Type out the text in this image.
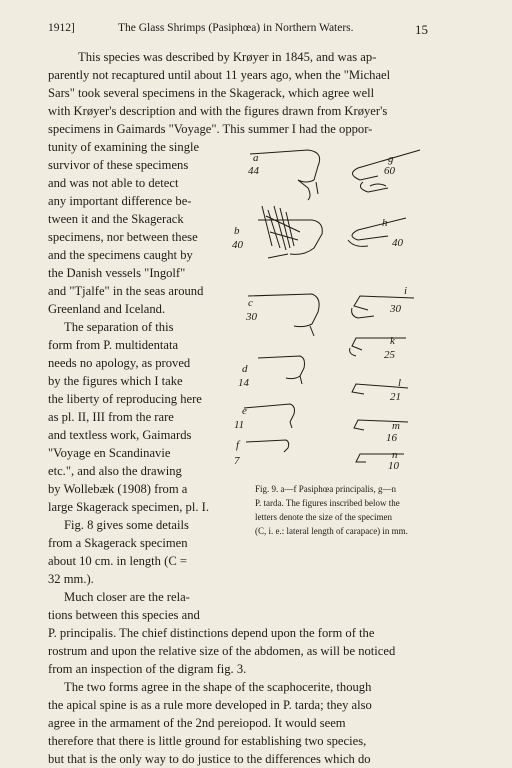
1912]	The Glass Shrimps (Pasiphœa) in Northern Waters.	15
This species was described by Krøyer in 1845, and was ap-
parently not recaptured until about 11 years ago, when the "Michael
Sars" took several specimens in the Skagerack, which agree well
with Krøyer's description and with the figures drawn from Krøyer's
specimens in Gaimards "Voyage". This summer I had the oppor-
tunity of examining the single
survivor of these specimens
and was not able to detect
any important difference be-
tween it and the Skagerack
specimens, nor between these
and the specimens caught by
the Danish vessels "Ingolf"
and "Tjalfe" in the seas around
Greenland and Iceland.
The separation of this
form from P. multidentata
needs no apology, as proved
by the figures which I take
the liberty of reproducing here
as pl. II, III from the rare
and textless work, Gaimards
"Voyage en Scandinavie
etc.", and also the drawing
by Wollebæk (1908) from a
large Skagerack specimen, pl. I.
Fig. 8 gives some details
from a Skagerack specimen
about 10 cm. in length (C =
32 mm.).
Much closer are the rela-
tions between this species and
P. principalis. The chief distinctions depend upon the form of the
rostrum and upon the relative size of the abdomen, as will be noticed
from an inspection of the digram fig. 3.
The two forms agree in the shape of the scaphocerite, though
the apical spine is as a rule more developed in P. tarda; they also
agree in the armament of the 2nd pereiopod. It would seem
therefore that there is little ground for establishing two species,
but that is the only way to do justice to the differences which do
a
44
g
60
b
40
h
40
c
30
i
30
k
25
d
14	l
21
e
11	m
16
f
7	n
10
Fig. 9. a—f Pasiphœa principalis, g—n
P. tarda. The figures inscribed below the
letters denote the size of the specimen
(C, i. e.: lateral length of carapace) in mm.
